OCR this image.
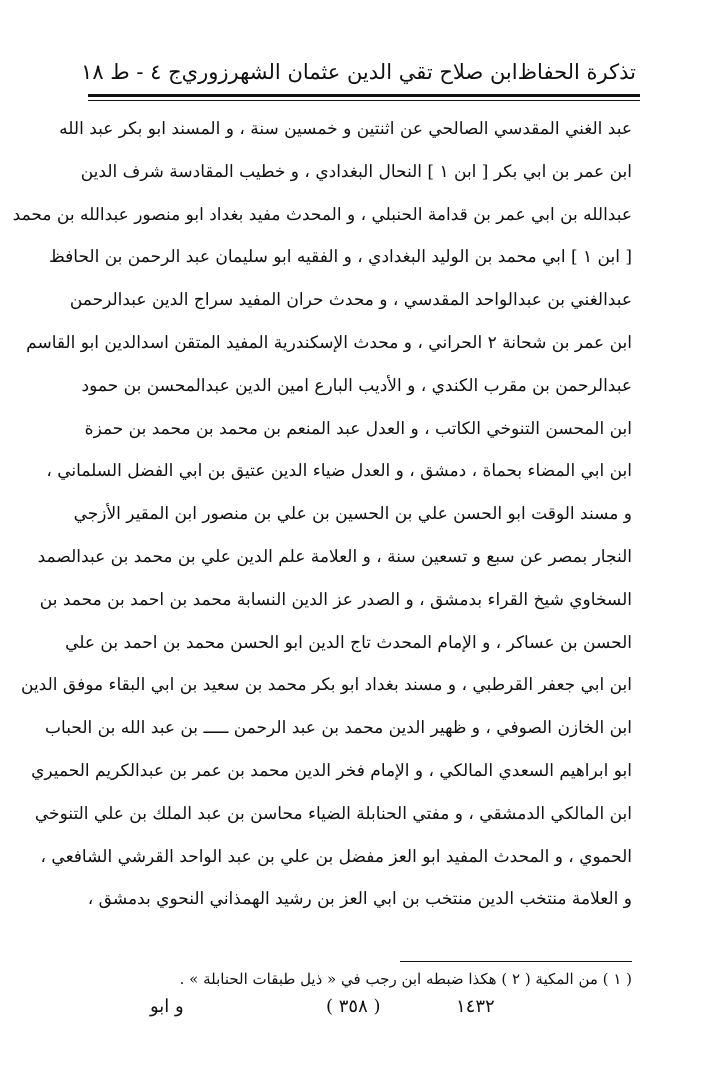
تذكرة الحفاظ
ابن صلاح تقي الدين عثمان الشهرزوري
ج ٤ - ط ١٨
عبد الغني المقدسي الصالحي عن اثنتين و خمسين سنة ، و المسند ابو بكر عبد الله
ابن عمر بن ابي بكر [ ابن ١ ] النحال البغدادي ، و خطيب المقادسة شرف الدين
عبدالله بن ابي عمر بن قدامة الحنبلي ، و المحدث مفيد بغداد ابو منصور عبدالله بن محمد
[ ابن ١ ] ابي محمد بن الوليد البغدادي ، و الفقيه ابو سليمان عبد الرحمن بن الحافظ
عبدالغني بن عبدالواحد المقدسي ، و محدث حران المفيد سراج الدين عبدالرحمن
ابن عمر بن شحانة ٢ الحراني ، و محدث الإسكندرية المفيد المتقن اسدالدين ابو القاسم
عبدالرحمن بن مقرب الكندي ، و الأديب البارع امين الدين عبدالمحسن بن حمود
ابن المحسن التنوخي الكاتب ، و العدل عبد المنعم بن محمد بن محمد بن حمزة
ابن ابي المضاء بحماة ، دمشق ، و العدل ضياء الدين عتيق بن ابي الفضل السلماني ،
و مسند الوقت ابو الحسن علي بن الحسين بن علي بن منصور ابن المقير الأزجي
النجار بمصر عن سبع و تسعين سنة ، و العلامة علم الدين علي بن محمد بن عبدالصمد
السخاوي شيخ القراء بدمشق ، و الصدر عز الدين النسابة محمد بن احمد بن محمد بن
الحسن بن عساكر ، و الإمام المحدث تاج الدين ابو الحسن محمد بن احمد بن علي
ابن ابي جعفر القرطبي ، و مسند بغداد ابو بكر محمد بن سعيد بن ابي البقاء موفق الدين
ابن الخازن الصوفي ، و ظهير الدين محمد بن عبد الرحمن ـــــ بن عبد الله بن الحباب
ابو ابراهيم السعدي المالكي ، و الإمام فخر الدين محمد بن عمر بن عبدالكريم الحميري
ابن المالكي الدمشقي ، و مفتي الحنابلة الضياء محاسن بن عبد الملك بن علي التنوخي
الحموي ، و المحدث المفيد ابو العز مفضل بن علي بن عبد الواحد القرشي الشافعي ،
و العلامة منتخب الدين منتخب بن ابي العز بن رشيد الهمذاني النحوي بدمشق ،
( ١ ) من المكية ( ٢ ) هكذا ضبطه ابن رجب في « ذيل طبقات الحنابلة » .
١٤٣٢
( ٣٥٨ )
و ابو
